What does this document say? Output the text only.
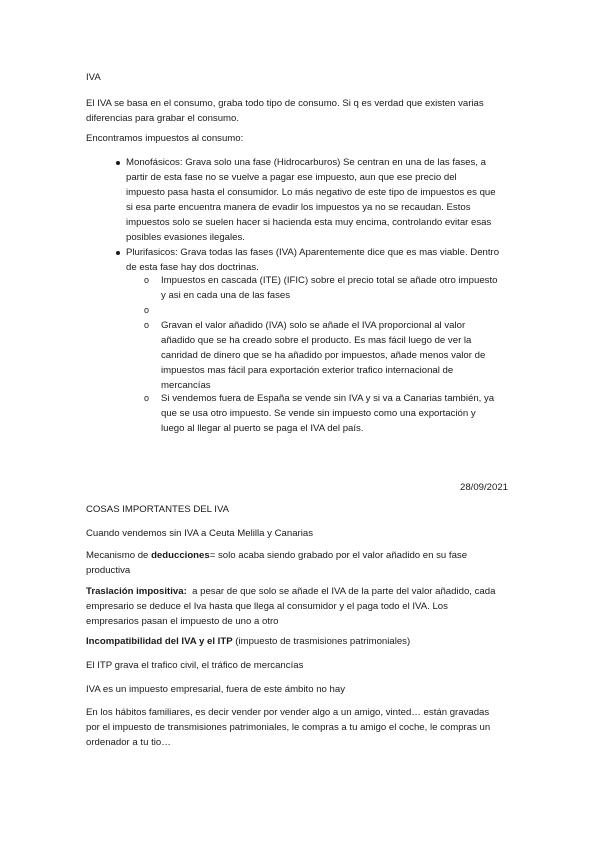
IVA

El IVA se basa en el consumo, graba todo tipo de consumo. Si q es verdad que existen varias
diferencias para grabar el consumo.

Encontramos impuestos al consumo:

Monofásicos: Grava solo una fase (Hidrocarburos) Se centran en una de las fases, a
partir de esta fase no se vuelve a pagar ese impuesto, aun que ese precio del
impuesto pasa hasta el consumidor. Lo más negativo de este tipo de impuestos es que
si esa parte encuentra manera de evadir los impuestos ya no se recaudan. Estos
impuestos solo se suelen hacer si hacienda esta muy encima, controlando evitar esas
posibles evasiones ilegales.

Plurifasicos: Grava todas las fases (IVA) Aparentemente dice que es mas viable. Dentro
de esta fase hay dos doctrinas.

o Impuestos en cascada (ITE) (IFIC) sobre el precio total se añade otro impuesto
y asi en cada una de las fases

o
o Gravan el valor añadido (IVA) solo se añade el IVA proporcional al valor
añadido que se ha creado sobre el producto. Es mas fácil luego de ver la
canridad de dinero que se ha añadido por impuestos, añade menos valor de
impuestos mas fácil para exportación exterior trafico internacional de
mercancías

o Si vendemos fuera de España se vende sin IVA y si va a Canarias también, ya
que se usa otro impuesto. Se vende sin impuesto como una exportación y
luego al llegar al puerto se paga el IVA del país.

28/09/2021

COSAS IMPORTANTES DEL IVA

Cuando vendemos sin IVA a Ceuta Melilla y Canarias

Mecanismo de deducciones= solo acaba siendo grabado por el valor añadido en su fase
productiva

Traslación impositiva:  a pesar de que solo se añade el IVA de la parte del valor añadido, cada
empresario se deduce el Iva hasta que llega al consumidor y el paga todo el IVA. Los
empresarios pasan el impuesto de uno a otro

Incompatibilidad del IVA y el ITP (impuesto de trasmisiones patrimoniales)

El ITP grava el trafico civil, el tráfico de mercancías

IVA es un impuesto empresarial, fuera de este ámbito no hay

En los hábitos familiares, es decir vender por vender algo a un amigo, vinted… están gravadas
por el impuesto de transmisiones patrimoniales, le compras a tu amigo el coche, le compras un
ordenador a tu tio…
